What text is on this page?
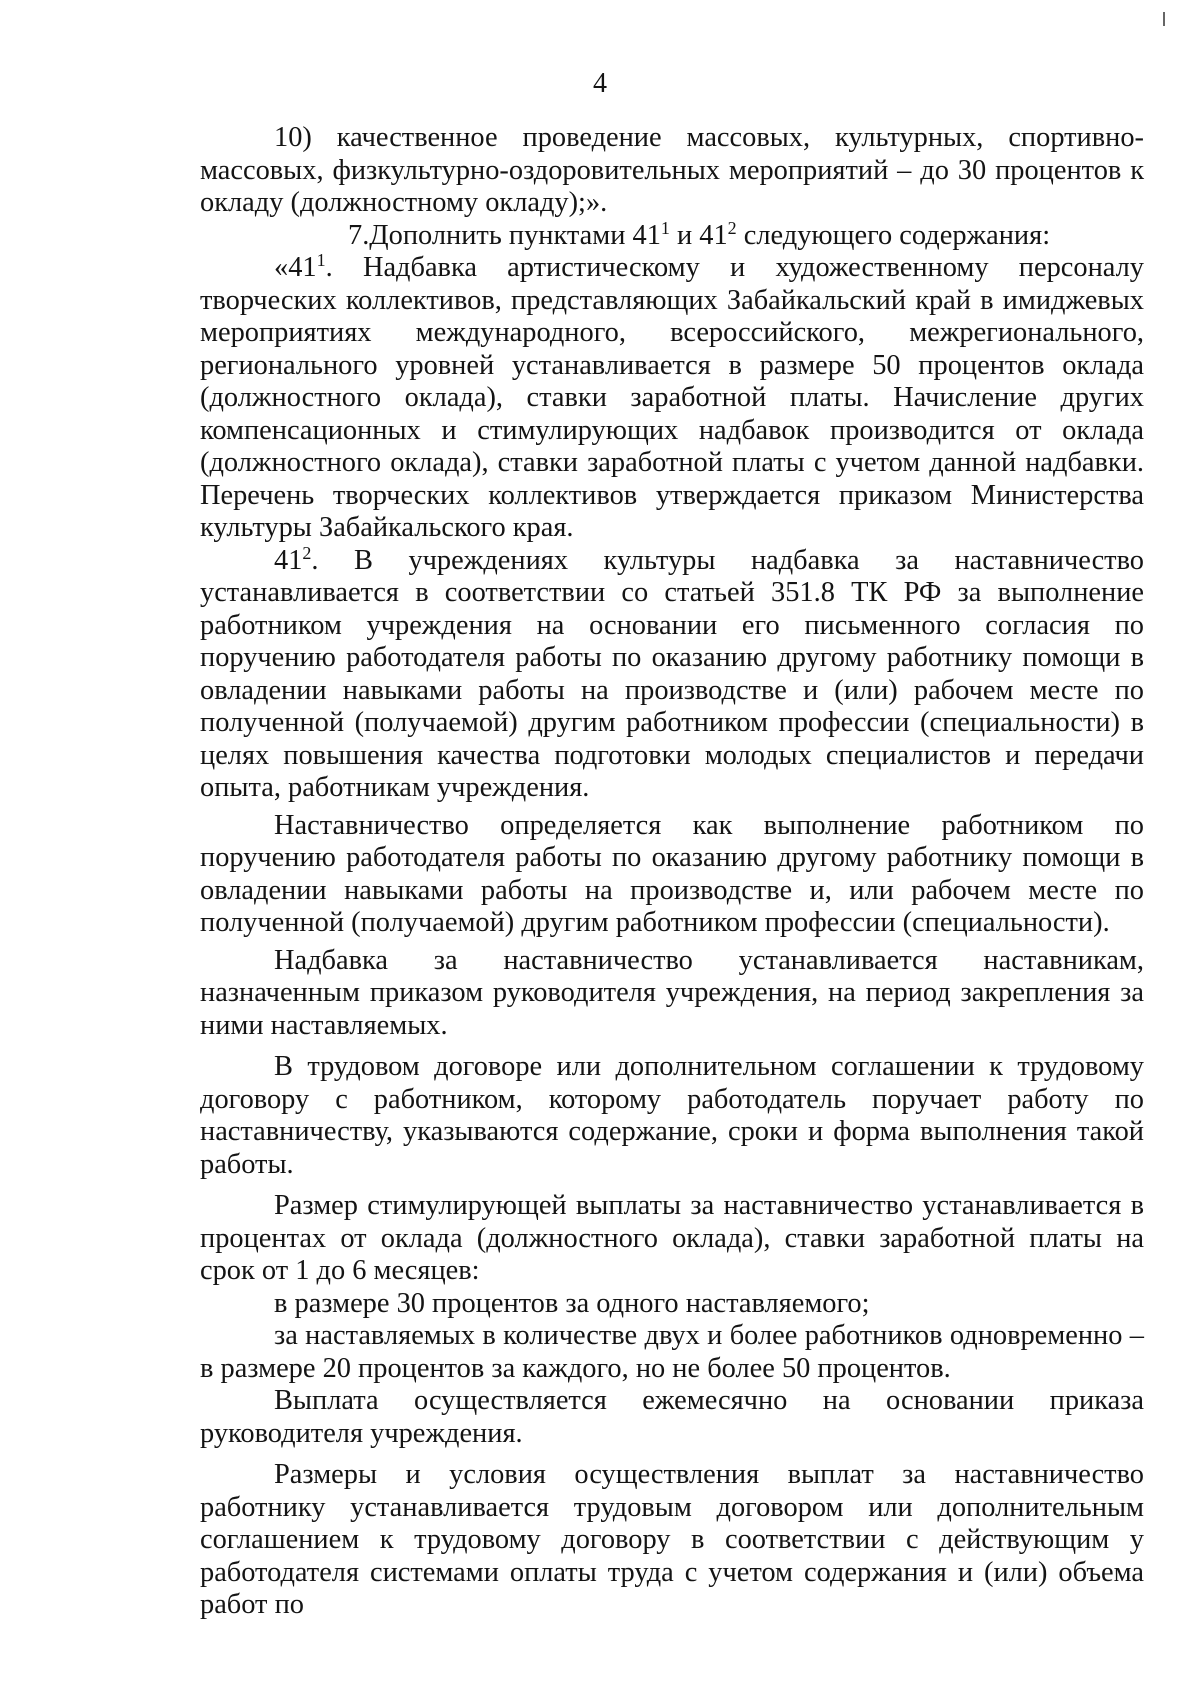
4

10) качественное проведение массовых, культурных, спортивно-массовых, физкультурно-оздоровительных мероприятий – до 30 процентов к окладу (должностному окладу);».

7.Дополнить пунктами $41^1$ и $41^2$ следующего содержания:

«$41^1$. Надбавка артистическому и художественному персоналу творческих коллективов, представляющих Забайкальский край в имиджевых мероприятиях международного, всероссийского, межрегионального, регионального уровней устанавливается в размере 50 процентов оклада (должностного оклада), ставки заработной платы. Начисление других компенсационных и стимулирующих надбавок производится от оклада (должностного оклада), ставки заработной платы с учетом данной надбавки. Перечень творческих коллективов утверждается приказом Министерства культуры Забайкальского края.

$41^2$. В учреждениях культуры надбавка за наставничество устанавливается в соответствии со статьей 351.8 ТК РФ за выполнение работником учреждения на основании его письменного согласия по поручению работодателя работы по оказанию другому работнику помощи в овладении навыками работы на производстве и (или) рабочем месте по полученной (получаемой) другим работником профессии (специальности) в целях повышения качества подготовки молодых специалистов и передачи опыта, работникам учреждения.

Наставничество определяется как выполнение работником по поручению работодателя работы по оказанию другому работнику помощи в овладении навыками работы на производстве и, или рабочем месте по полученной (получаемой) другим работником профессии (специальности).

Надбавка за наставничество устанавливается наставникам, назначенным приказом руководителя учреждения, на период закрепления за ними наставляемых.

В трудовом договоре или дополнительном соглашении к трудовому договору с работником, которому работодатель поручает работу по наставничеству, указываются содержание, сроки и форма выполнения такой работы.

Размер стимулирующей выплаты за наставничество устанавливается в процентах от оклада (должностного оклада), ставки заработной платы на срок от 1 до 6 месяцев:

в размере 30 процентов за одного наставляемого;

за наставляемых в количестве двух и более работников одновременно – в размере 20 процентов за каждого, но не более 50 процентов.

Выплата осуществляется ежемесячно на основании приказа руководителя учреждения.

Размеры и условия осуществления выплат за наставничество работнику устанавливается трудовым договором или дополнительным соглашением к трудовому договору в соответствии с действующим у работодателя системами оплаты труда с учетом содержания и (или) объема работ по
